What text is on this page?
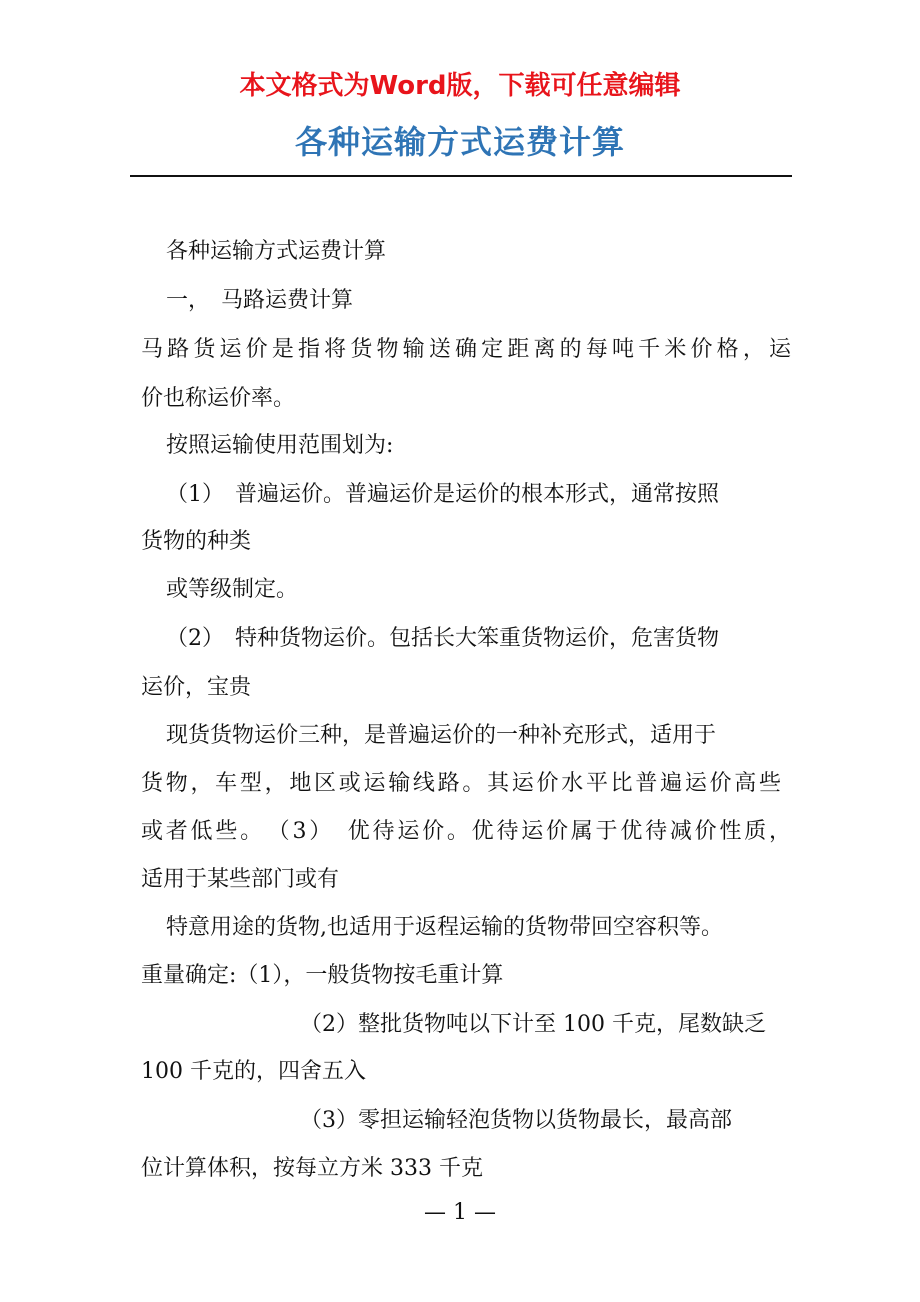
本文格式为Word版，下载可任意编辑
各种运输方式运费计算
各种运输方式运费计算
一，　马路运费计算
马路货运价是指将货物输送确定距离的每吨千米价格，运
价也称运价率。
按照运输使用范围划为:
（1）　普遍运价。普遍运价是运价的根本形式，通常按照
货物的种类
或等级制定。
（2）　特种货物运价。包括长大笨重货物运价，危害货物
运价，宝贵
现货货物运价三种，是普遍运价的一种补充形式，适用于
货物，车型，地区或运输线路。其运价水平比普遍运价高些
或者低些。　（3）　优待运价。优待运价属于优待减价性质，
适用于某些部门或有
特意用途的货物,也适用于返程运输的货物带回空容积等。
重量确定:（1），一般货物按毛重计算
（2）整批货物吨以下计至 100 千克，尾数缺乏
100 千克的，四舍五入
（3）零担运输轻泡货物以货物最长，最高部
位计算体积，按每立方米 333 千克
— 1 —
